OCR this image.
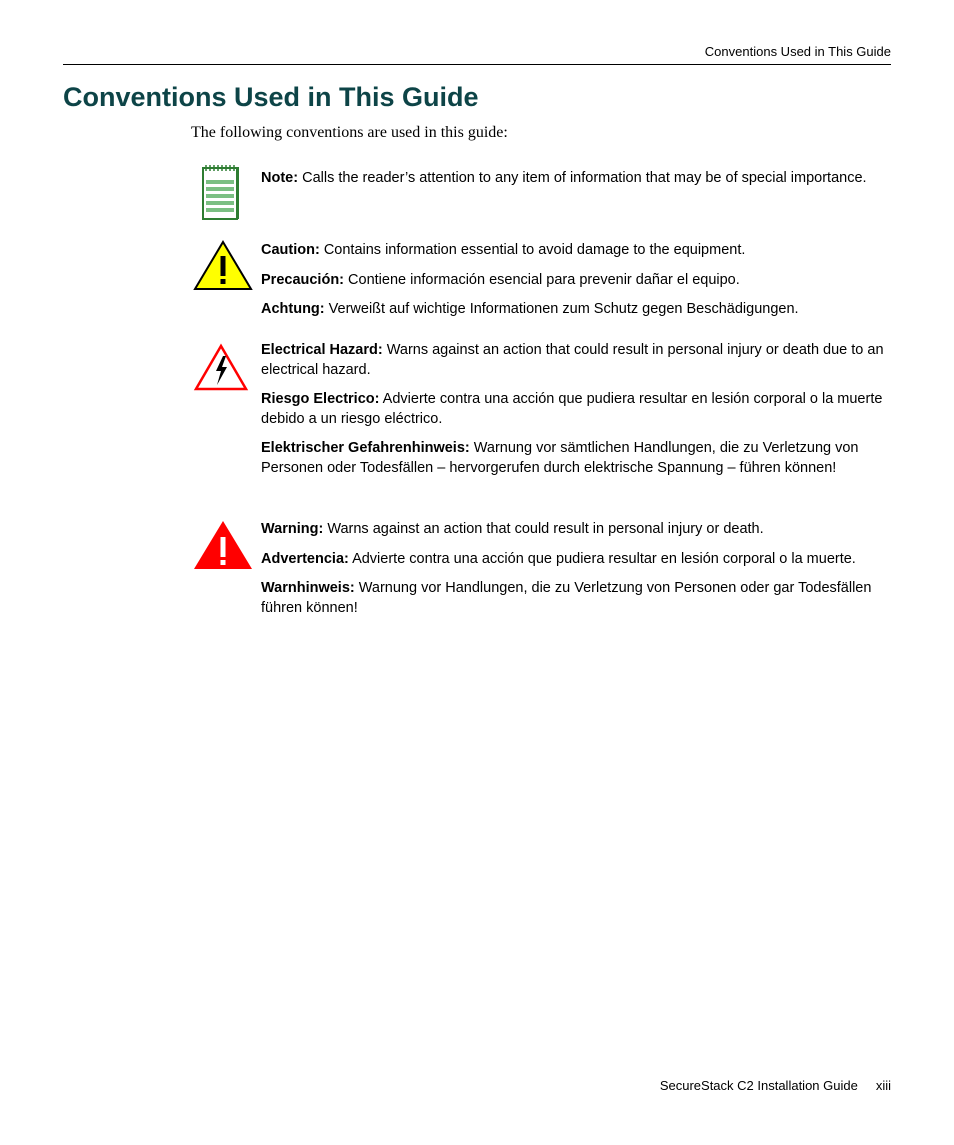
Conventions Used in This Guide
Conventions Used in This Guide
The following conventions are used in this guide:

Note: Calls the reader’s attention to any item of information that may be of special importance.

Caution: Contains information essential to avoid damage to the equipment.

Precaución: Contiene información esencial para prevenir dañar el equipo.

Achtung: Verweißt auf wichtige Informationen zum Schutz gegen Beschädigungen.

Electrical Hazard: Warns against an action that could result in personal injury or death due to an electrical hazard.

Riesgo Electrico: Advierte contra una acción que pudiera resultar en lesión corporal o la muerte debido a un riesgo eléctrico.

Elektrischer Gefahrenhinweis: Warnung vor sämtlichen Handlungen, die zu Verletzung von Personen oder Todesfällen – hervorgerufen durch elektrische Spannung – führen können!

Warning: Warns against an action that could result in personal injury or death.

Advertencia: Advierte contra una acción que pudiera resultar en lesión corporal o la muerte.

Warnhinweis: Warnung vor Handlungen, die zu Verletzung von Personen oder gar Todesfällen führen können!

SecureStack C2 Installation Guide xiii
